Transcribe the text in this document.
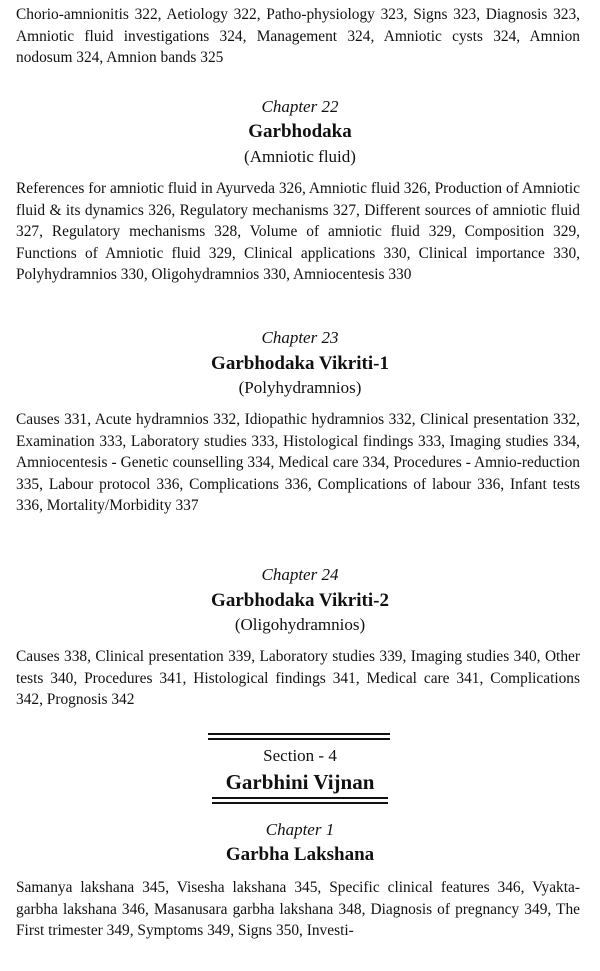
Chorio-amnionitis 322, Aetiology 322, Patho-physiology 323, Signs 323, Diagnosis 323, Amniotic fluid investigations 324, Management 324, Amniotic cysts 324, Amnion nodosum 324, Amnion bands 325

Chapter 22

Garbhodaka

(Amniotic fluid)

References for amniotic fluid in Ayurveda 326, Amniotic fluid 326, Production of Amniotic fluid & its dynamics 326, Regulatory mechanisms 327, Different sources of amniotic fluid 327, Regulatory mechanisms 328, Volume of amniotic fluid 329, Composition 329, Functions of Amniotic fluid 329, Clinical applications 330, Clinical importance 330, Polyhydramnios 330, Oligohydramnios 330, Amniocentesis 330

Chapter 23

Garbhodaka Vikriti-1

(Polyhydramnios)

Causes 331, Acute hydramnios 332, Idiopathic hydramnios 332, Clinical presentation 332, Examination 333, Laboratory studies 333, Histological findings 333, Imaging studies 334, Amniocentesis - Genetic counselling 334, Medical care 334, Procedures - Amnio-reduction 335, Labour protocol 336, Complications 336, Complications of labour 336, Infant tests 336, Mortality/Morbidity 337

Chapter 24

Garbhodaka Vikriti-2

(Oligohydramnios)

Causes 338, Clinical presentation 339, Laboratory studies 339, Imaging studies 340, Other tests 340, Procedures 341, Histological findings 341, Medical care 341, Complications 342, Prognosis 342

Section - 4

Garbhini Vijnan

Chapter 1

Garbha Lakshana

Samanya lakshana 345, Visesha lakshana 345, Specific clinical features 346, Vyakta-garbha lakshana 346, Masanusara garbha lakshana 348, Diagnosis of pregnancy 349, The First trimester 349, Symptoms 349, Signs 350, Investi-
